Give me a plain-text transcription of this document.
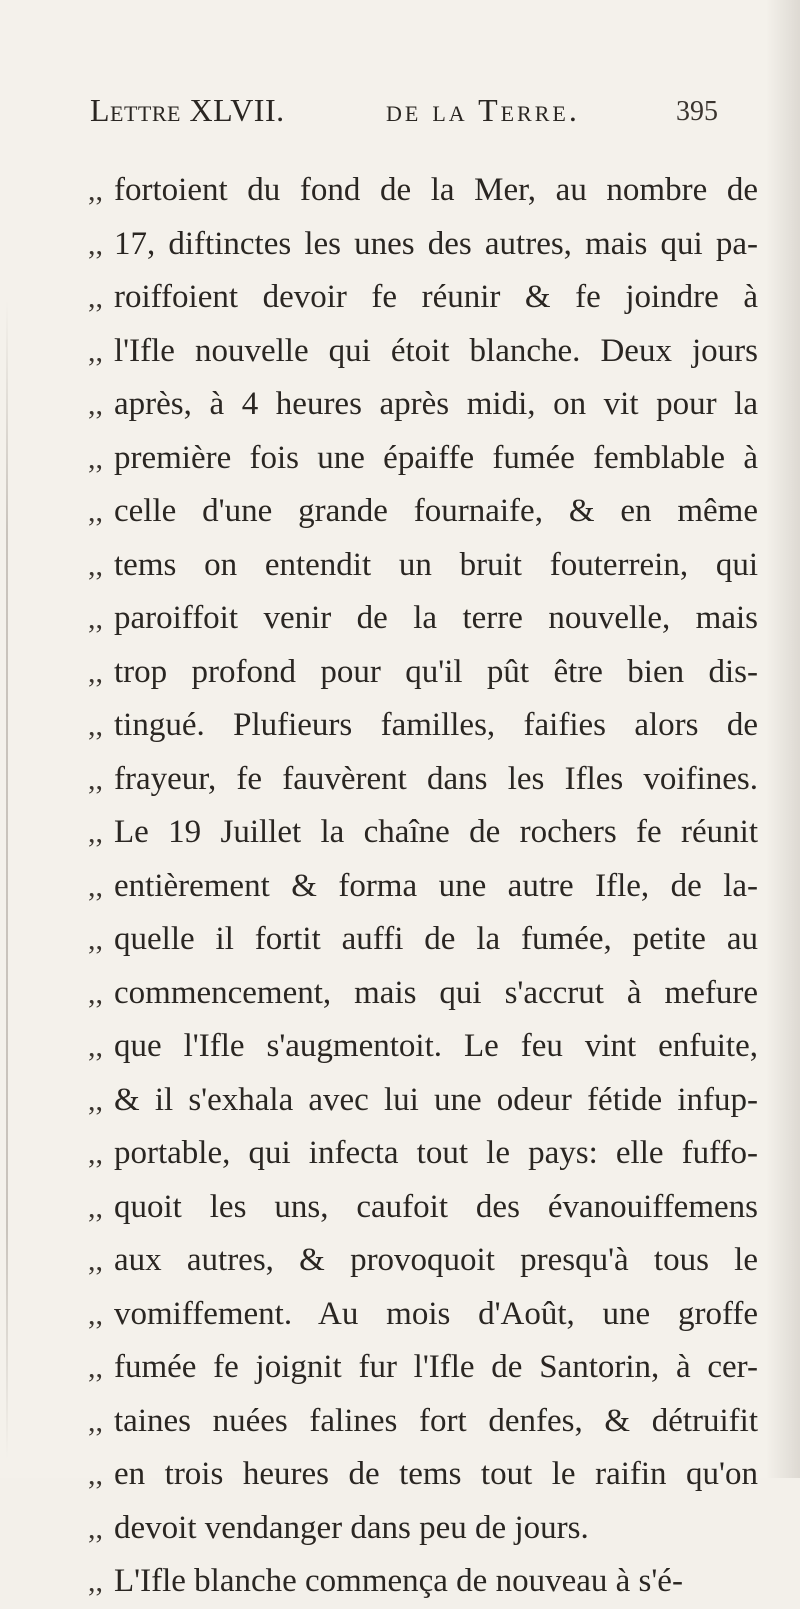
Lettre XLVII.	de la Terre.	395
,, fortoient du fond de la Mer, au nombre de
,, 17, diftinctes les unes des autres, mais qui pa-
,, roiffoient devoir fe réunir & fe joindre à
,, l'Ifle nouvelle qui étoit blanche. Deux jours
,, après, à 4 heures après midi, on vit pour la
,, première fois une épaiffe fumée femblable à
,, celle d'une grande fournaife, & en même
,, tems on entendit un bruit fouterrein, qui
,, paroiffoit venir de la terre nouvelle, mais
,, trop profond pour qu'il pût être bien dis-
,, tingué. Plufieurs familles, faifies alors de
,, frayeur, fe fauvèrent dans les Ifles voifines.
,, Le 19 Juillet la chaîne de rochers fe réunit
,, entièrement & forma une autre Ifle, de la-
,, quelle il fortit auffi de la fumée, petite au
,, commencement, mais qui s'accrut à mefure
,, que l'Ifle s'augmentoit. Le feu vint enfuite,
,, & il s'exhala avec lui une odeur fétide infup-
,, portable, qui infecta tout le pays: elle fuffo-
,, quoit les uns, caufoit des évanouiffemens
,, aux autres, & provoquoit presqu'à tous le
,, vomiffement. Au mois d'Août, une groffe
,, fumée fe joignit fur l'Ifle de Santorin, à cer-
,, taines nuées falines fort denfes, & détruifit
,, en trois heures de tems tout le raifin qu'on
,, devoit vendanger dans peu de jours.
,, L'Ifle blanche commença de nouveau à s'é-
